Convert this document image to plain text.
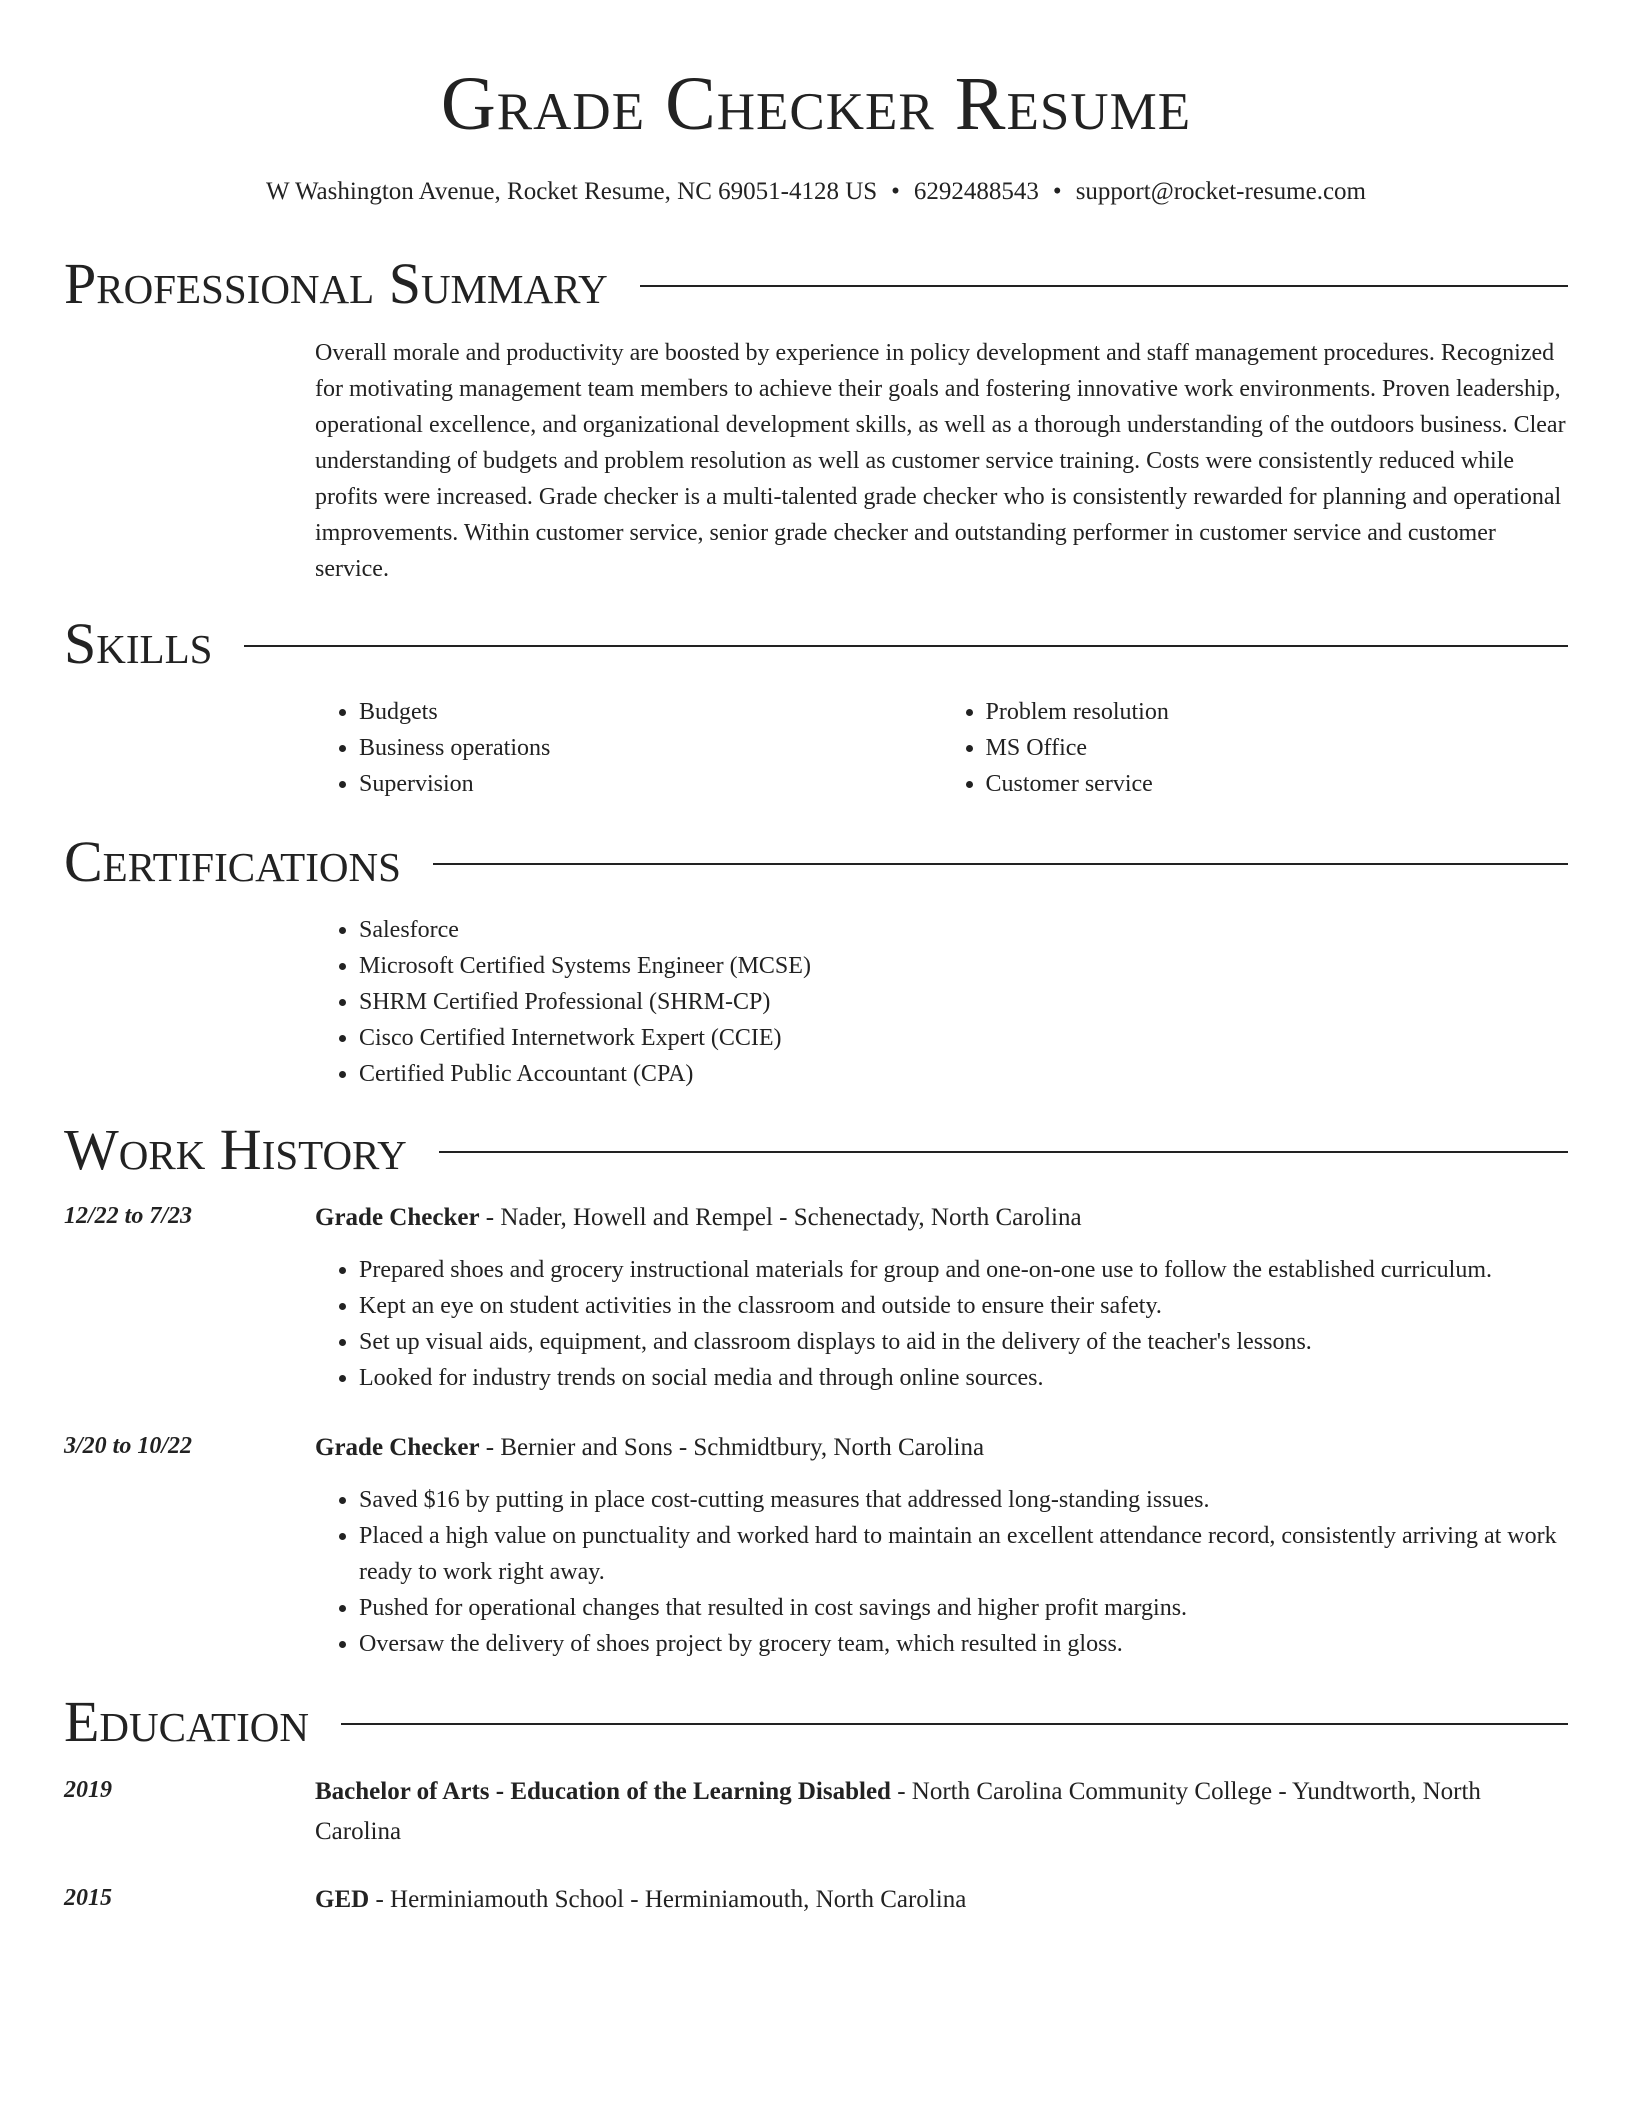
Grade Checker Resume
W Washington Avenue, Rocket Resume, NC 69051-4128 US • 6292488543 • support@rocket-resume.com
Professional Summary

Overall morale and productivity are boosted by experience in policy development and staff management procedures. Recognized for motivating management team members to achieve their goals and fostering innovative work environments. Proven leadership, operational excellence, and organizational development skills, as well as a thorough understanding of the outdoors business. Clear understanding of budgets and problem resolution as well as customer service training. Costs were consistently reduced while profits were increased. Grade checker is a multi-talented grade checker who is consistently rewarded for planning and operational improvements. Within customer service, senior grade checker and outstanding performer in customer service and customer service.

Skills
• Budgets
• Business operations
• Supervision
• Problem resolution
• MS Office
• Customer service
Certifications
• Salesforce
• Microsoft Certified Systems Engineer (MCSE)
• SHRM Certified Professional (SHRM-CP)
• Cisco Certified Internetwork Expert (CCIE)
• Certified Public Accountant (CPA)
Work History
12/22 to 7/23	Grade Checker - Nader, Howell and Rempel - Schenectady, North Carolina
• Prepared shoes and grocery instructional materials for group and one-on-one use to follow the established curriculum.
• Kept an eye on student activities in the classroom and outside to ensure their safety.
• Set up visual aids, equipment, and classroom displays to aid in the delivery of the teacher's lessons.
• Looked for industry trends on social media and through online sources.
3/20 to 10/22	Grade Checker - Bernier and Sons - Schmidtbury, North Carolina
• Saved $16 by putting in place cost-cutting measures that addressed long-standing issues.
• Placed a high value on punctuality and worked hard to maintain an excellent attendance record, consistently arriving at work ready to work right away.
• Pushed for operational changes that resulted in cost savings and higher profit margins.
• Oversaw the delivery of shoes project by grocery team, which resulted in gloss.
Education
2019	Bachelor of Arts - Education of the Learning Disabled - North Carolina Community College - Yundtworth, North Carolina
2015	GED - Herminiamouth School - Herminiamouth, North Carolina
